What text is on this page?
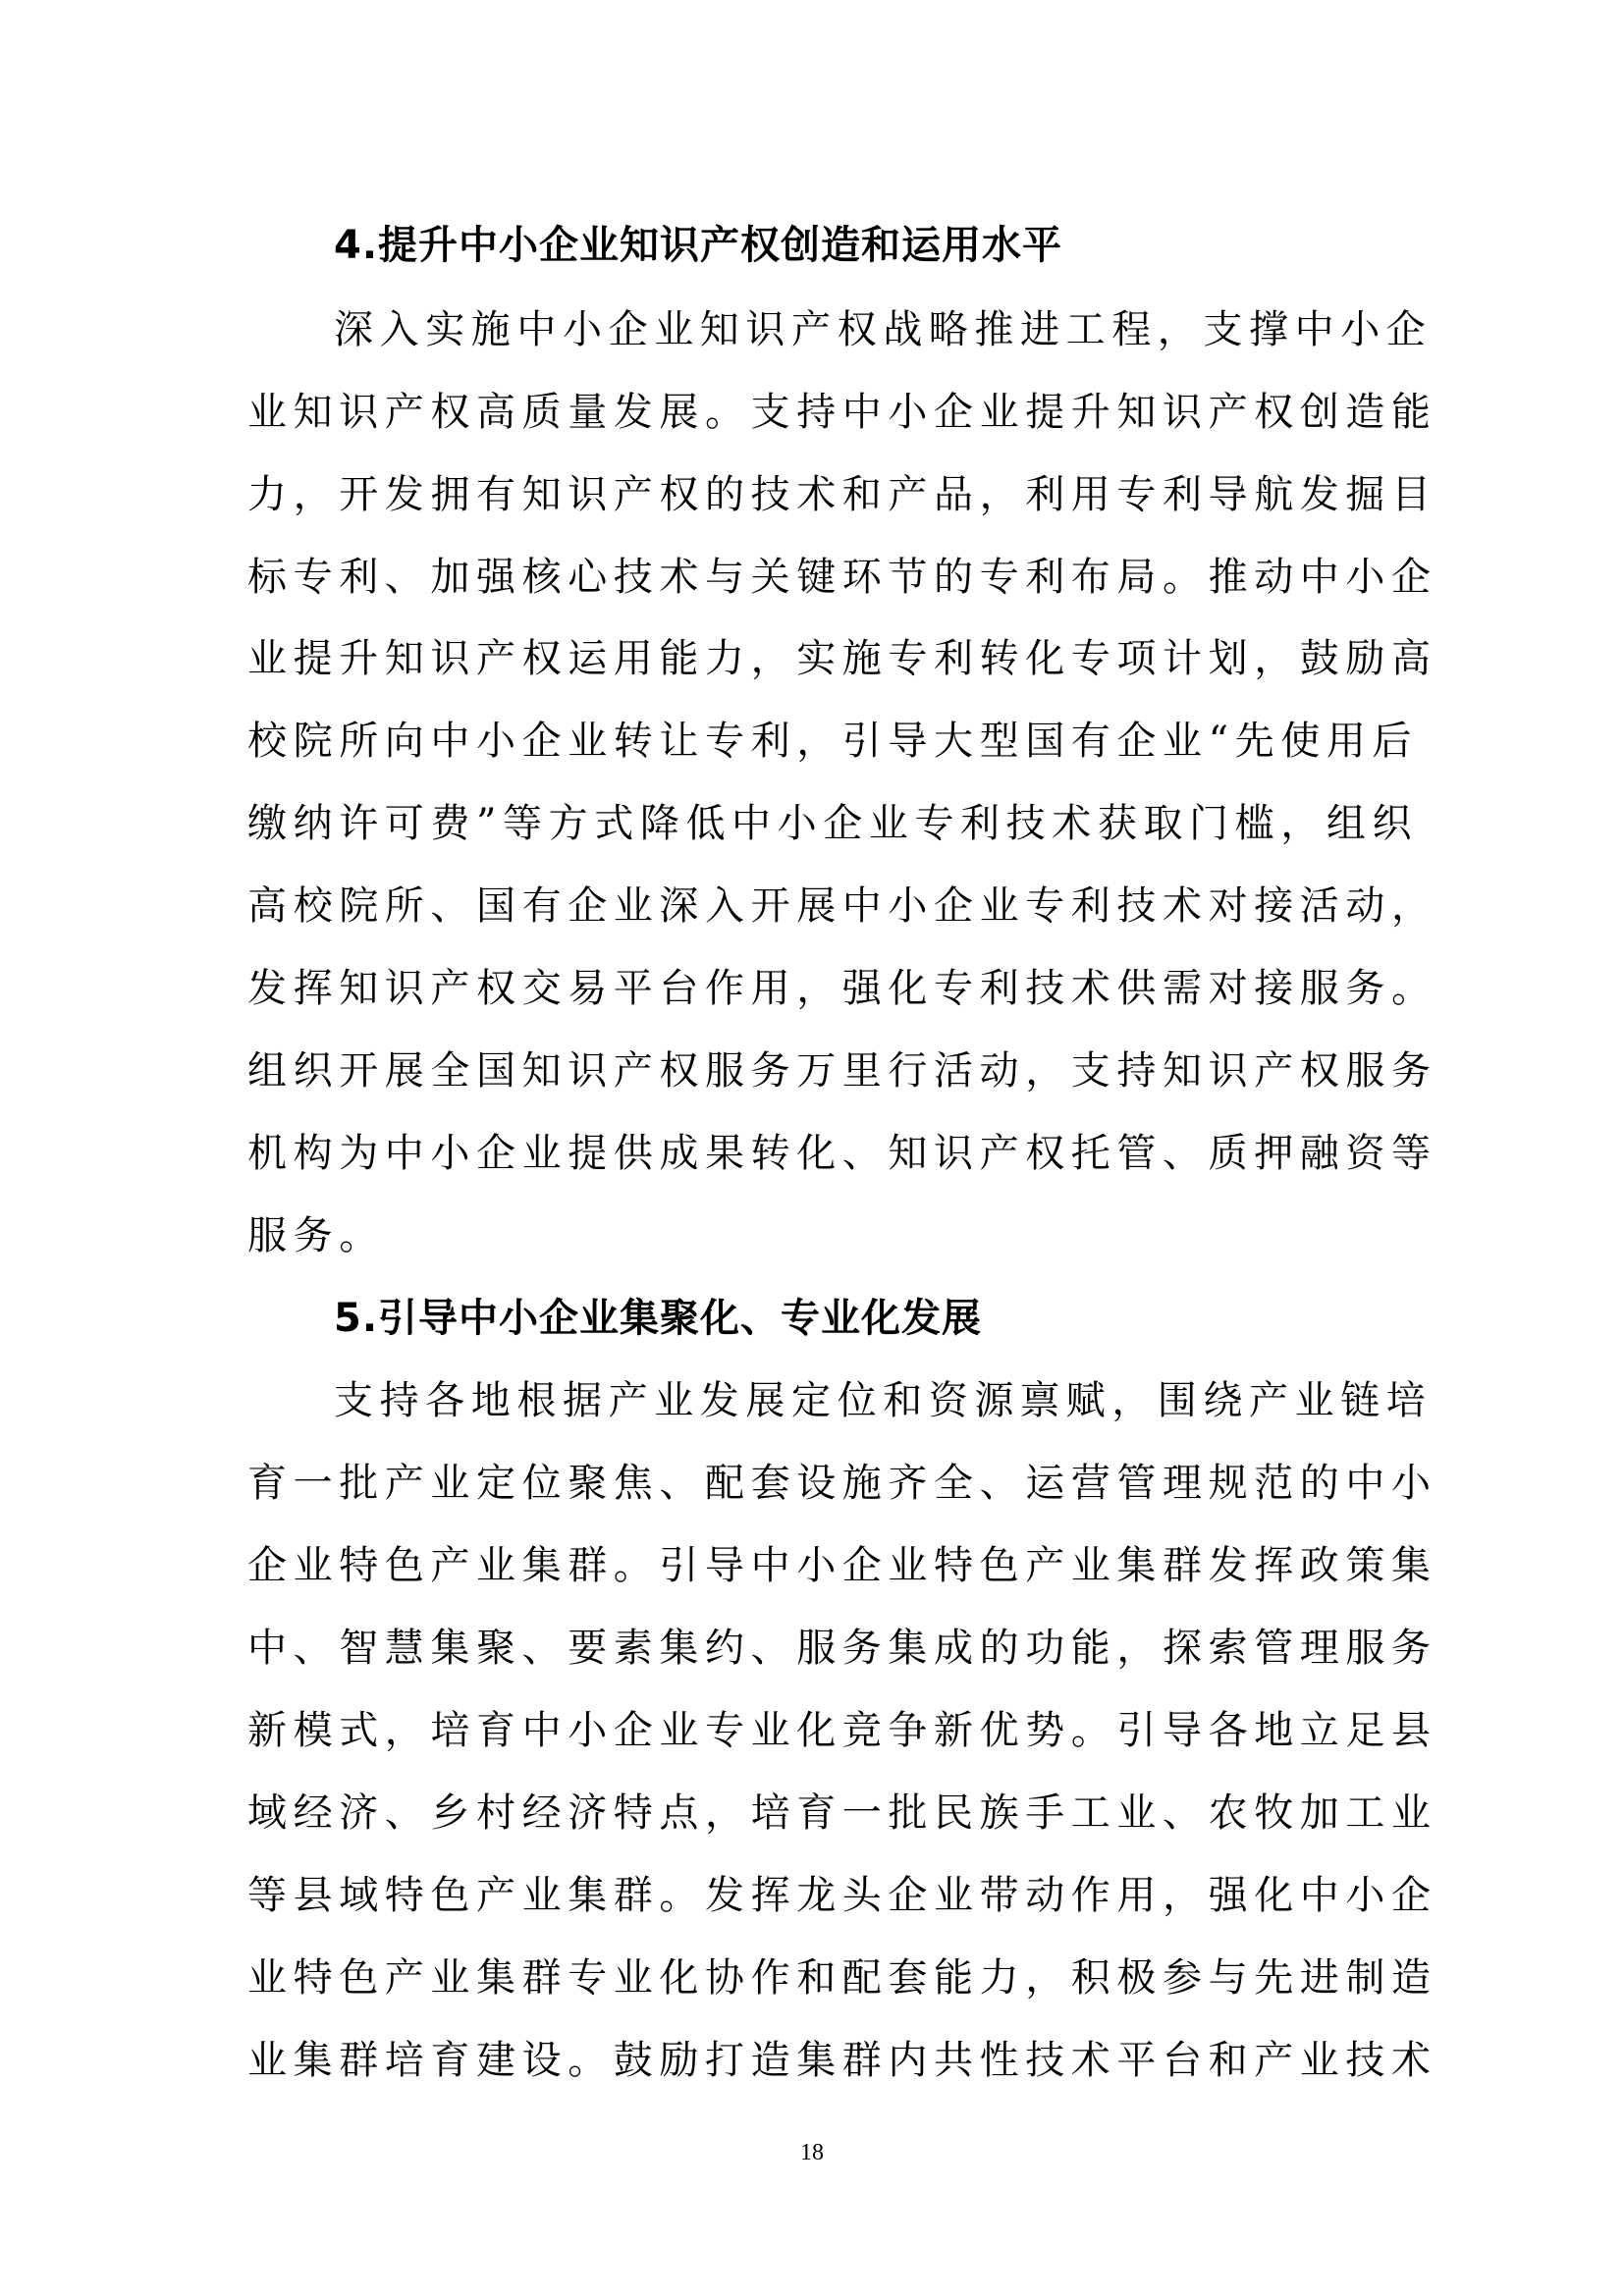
4.提升中小企业知识产权创造和运用水平
深入实施中小企业知识产权战略推进工程，支撑中小企
业知识产权高质量发展。支持中小企业提升知识产权创造能
力，开发拥有知识产权的技术和产品，利用专利导航发掘目
标专利、加强核心技术与关键环节的专利布局。推动中小企
业提升知识产权运用能力，实施专利转化专项计划，鼓励高
校院所向中小企业转让专利，引导大型国有企业“先使用后
缴纳许可费”等方式降低中小企业专利技术获取门槛，组织
高校院所、国有企业深入开展中小企业专利技术对接活动，
发挥知识产权交易平台作用，强化专利技术供需对接服务。
组织开展全国知识产权服务万里行活动，支持知识产权服务
机构为中小企业提供成果转化、知识产权托管、质押融资等
服务。
5.引导中小企业集聚化、专业化发展
支持各地根据产业发展定位和资源禀赋，围绕产业链培
育一批产业定位聚焦、配套设施齐全、运营管理规范的中小
企业特色产业集群。引导中小企业特色产业集群发挥政策集
中、智慧集聚、要素集约、服务集成的功能，探索管理服务
新模式，培育中小企业专业化竞争新优势。引导各地立足县
域经济、乡村经济特点，培育一批民族手工业、农牧加工业
等县域特色产业集群。发挥龙头企业带动作用，强化中小企
业特色产业集群专业化协作和配套能力，积极参与先进制造
业集群培育建设。鼓励打造集群内共性技术平台和产业技术
18
